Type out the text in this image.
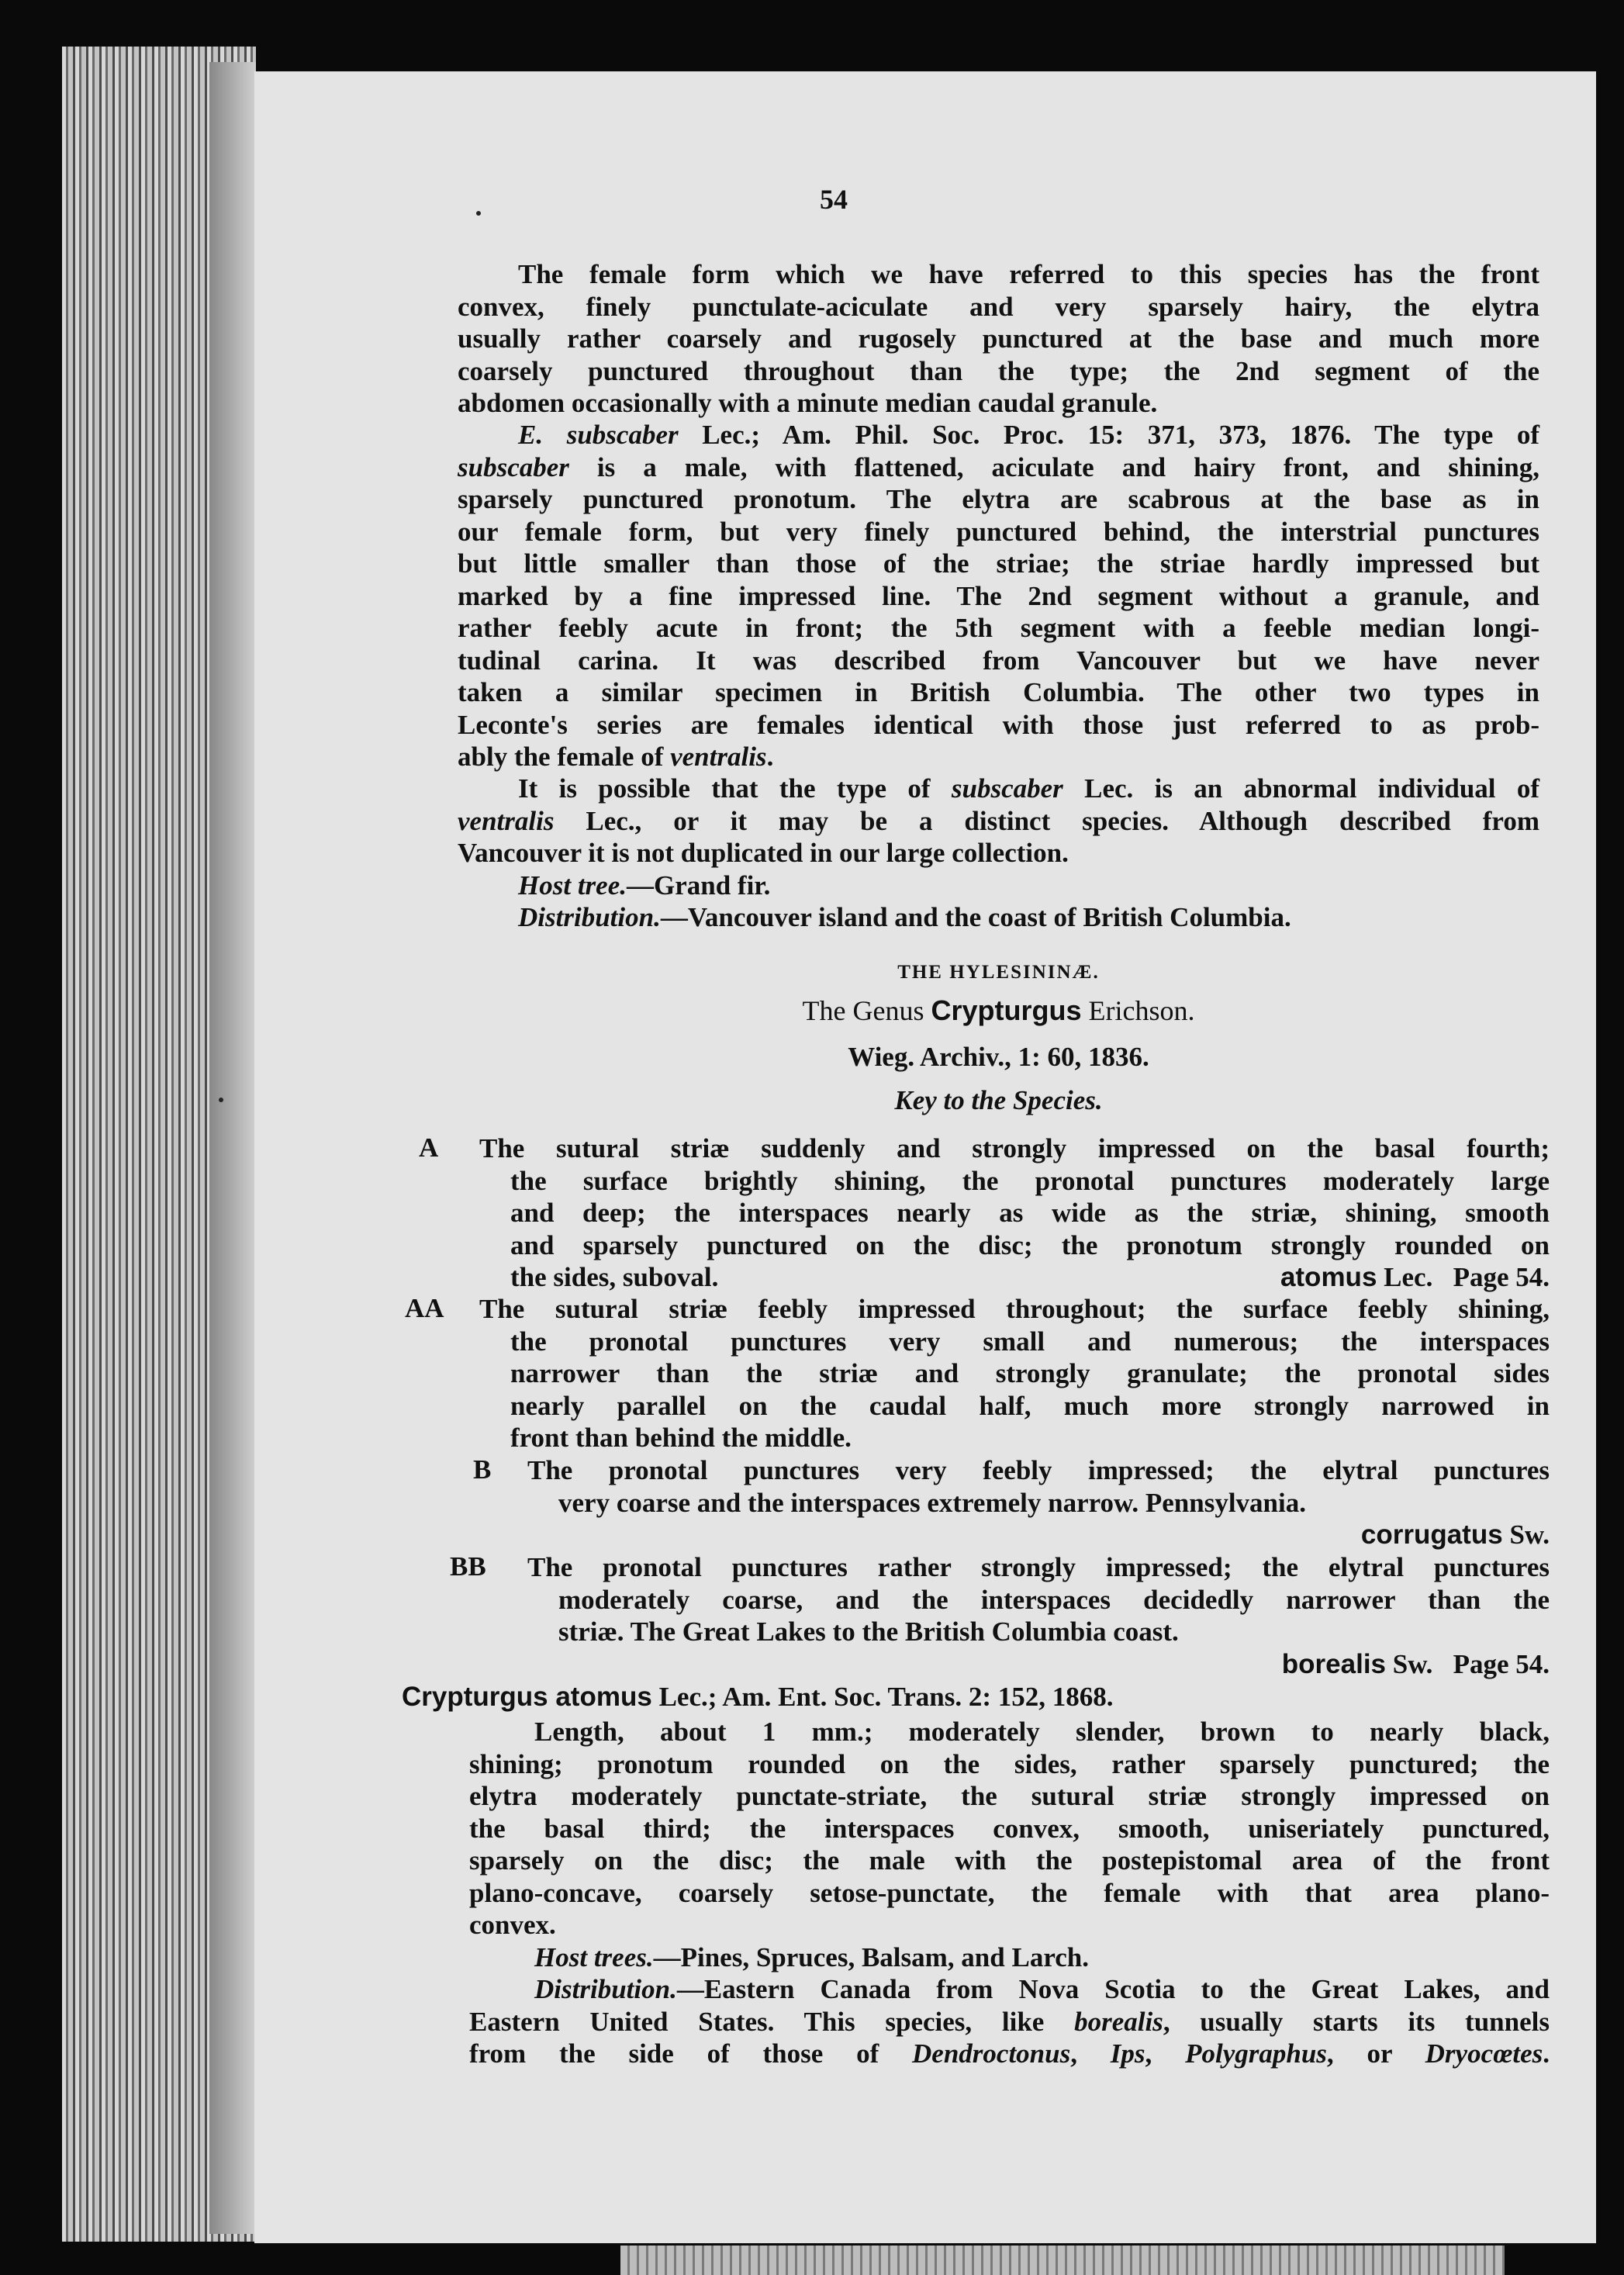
54
The female form which we have referred to this species has the front
convex, finely punctulate-aciculate and very sparsely hairy, the elytra
usually rather coarsely and rugosely punctured at the base and much more
coarsely punctured throughout than the type; the 2nd segment of the
abdomen occasionally with a minute median caudal granule.
E. subscaber Lec.; Am. Phil. Soc. Proc. 15: 371, 373, 1876. The type of
subscaber is a male, with flattened, aciculate and hairy front, and shining,
sparsely punctured pronotum. The elytra are scabrous at the base as in
our female form, but very finely punctured behind, the interstrial punctures
but little smaller than those of the striae; the striae hardly impressed but
marked by a fine impressed line. The 2nd segment without a granule, and
rather feebly acute in front; the 5th segment with a feeble median longi-
tudinal carina. It was described from Vancouver but we have never
taken a similar specimen in British Columbia. The other two types in
Leconte's series are females identical with those just referred to as prob-
ably the female of ventralis.
It is possible that the type of subscaber Lec. is an abnormal individual of
ventralis Lec., or it may be a distinct species. Although described from
Vancouver it is not duplicated in our large collection.
Host tree.—Grand fir.
Distribution.—Vancouver island and the coast of British Columbia.
THE HYLESININÆ.
The Genus Crypturgus Erichson.
Wieg. Archiv., 1: 60, 1836.
Key to the Species.
A The sutural striæ suddenly and strongly impressed on the basal fourth;
the surface brightly shining, the pronotal punctures moderately large
and deep; the interspaces nearly as wide as the striæ, shining, smooth
and sparsely punctured on the disc; the pronotum strongly rounded on
the sides, suboval.	atomus Lec. Page 54.
AA The sutural striæ feebly impressed throughout; the surface feebly shining,
the pronotal punctures very small and numerous; the interspaces
narrower than the striæ and strongly granulate; the pronotal sides
nearly parallel on the caudal half, much more strongly narrowed in
front than behind the middle.
B The pronotal punctures very feebly impressed; the elytral punctures
very coarse and the interspaces extremely narrow. Pennsylvania.
corrugatus Sw.
BB The pronotal punctures rather strongly impressed; the elytral punctures
moderately coarse, and the interspaces decidedly narrower than the
striæ. The Great Lakes to the British Columbia coast.
borealis Sw. Page 54.
Crypturgus atomus Lec.; Am. Ent. Soc. Trans. 2: 152, 1868.
Length, about 1 mm.; moderately slender, brown to nearly black,
shining; pronotum rounded on the sides, rather sparsely punctured; the
elytra moderately punctate-striate, the sutural striæ strongly impressed on
the basal third; the interspaces convex, smooth, uniseriately punctured,
sparsely on the disc; the male with the postepistomal area of the front
plano-concave, coarsely setose-punctate, the female with that area plano-
convex.
Host trees.—Pines, Spruces, Balsam, and Larch.
Distribution.—Eastern Canada from Nova Scotia to the Great Lakes, and
Eastern United States. This species, like borealis, usually starts its tunnels
from the side of those of Dendroctonus, Ips, Polygraphus, or Dryocœtes.
